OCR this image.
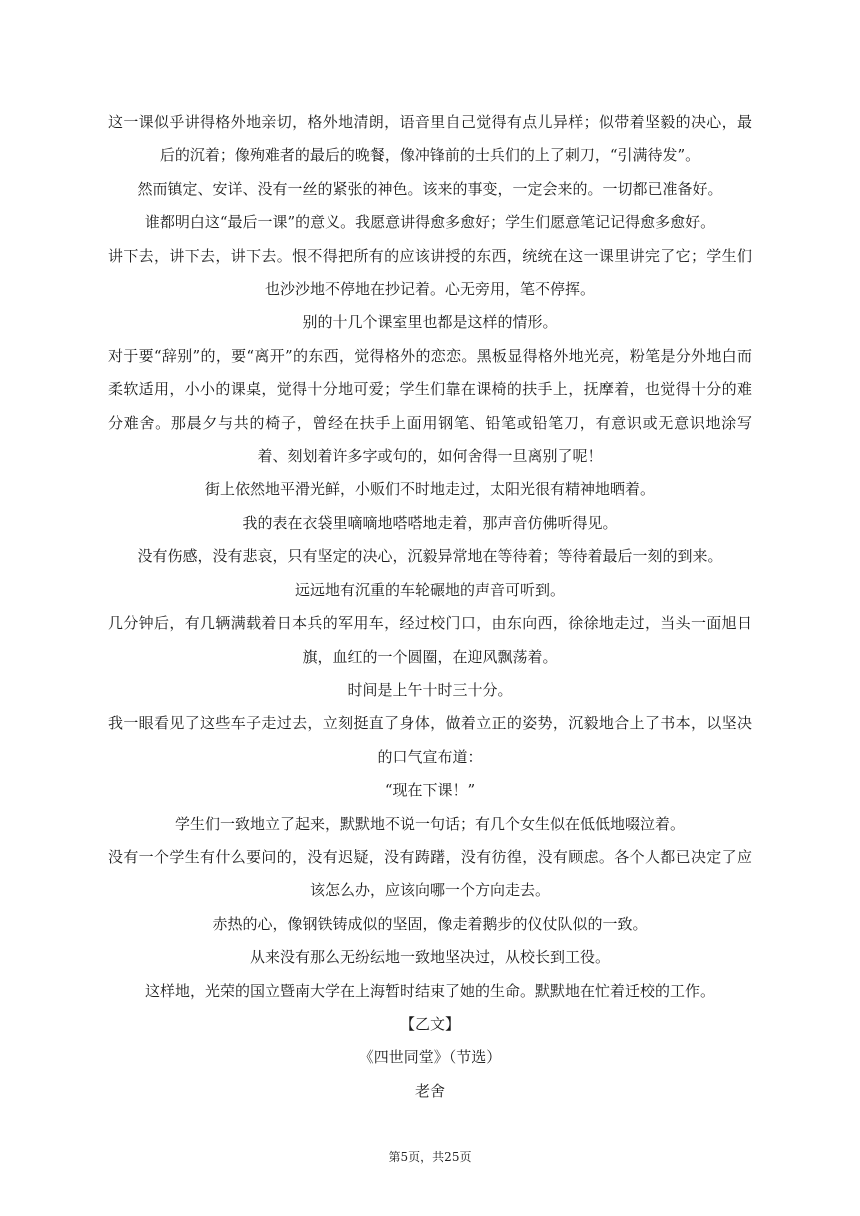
这一课似乎讲得格外地亲切，格外地清朗，语音里自己觉得有点儿异样；似带着坚毅的决心，最后的沉着；像殉难者的最后的晚餐，像冲锋前的士兵们的上了刺刀，“引满待发”。

然而镇定、安详、没有一丝的紧张的神色。该来的事变，一定会来的。一切都已准备好。

谁都明白这“最后一课”的意义。我愿意讲得愈多愈好；学生们愿意笔记记得愈多愈好。

讲下去，讲下去，讲下去。恨不得把所有的应该讲授的东西，统统在这一课里讲完了它；学生们也沙沙地不停地在抄记着。心无旁用，笔不停挥。

别的十几个课室里也都是这样的情形。

对于要“辞别”的，要“离开”的东西，觉得格外的恋恋。黑板显得格外地光亮，粉笔是分外地白而柔软适用，小小的课桌，觉得十分地可爱；学生们靠在课椅的扶手上，抚摩着，也觉得十分的难分难舍。那晨夕与共的椅子，曾经在扶手上面用钢笔、铅笔或铅笔刀，有意识或无意识地涂写着、刻划着许多字或句的，如何舍得一旦离别了呢！

街上依然地平滑光鲜，小贩们不时地走过，太阳光很有精神地晒着。

我的表在衣袋里嘀嘀地嗒嗒地走着，那声音仿佛听得见。

没有伤感，没有悲哀，只有坚定的决心，沉毅异常地在等待着；等待着最后一刻的到来。

远远地有沉重的车轮碾地的声音可听到。

几分钟后，有几辆满载着日本兵的军用车，经过校门口，由东向西，徐徐地走过，当头一面旭日旗，血红的一个圆圈，在迎风飘荡着。

时间是上午十时三十分。

我一眼看见了这些车子走过去，立刻挺直了身体，做着立正的姿势，沉毅地合上了书本，以坚决的口气宣布道：

“现在下课！”

学生们一致地立了起来，默默地不说一句话；有几个女生似在低低地啜泣着。

没有一个学生有什么要问的，没有迟疑，没有踌躇，没有彷徨，没有顾虑。各个人都已决定了应该怎么办，应该向哪一个方向走去。

赤热的心，像钢铁铸成似的坚固，像走着鹅步的仪仗队似的一致。

从来没有那么无纷纭地一致地坚决过，从校长到工役。

这样地，光荣的国立暨南大学在上海暂时结束了她的生命。默默地在忙着迁校的工作。

【乙文】

《四世同堂》（节选）

老舍

第5页，共25页
